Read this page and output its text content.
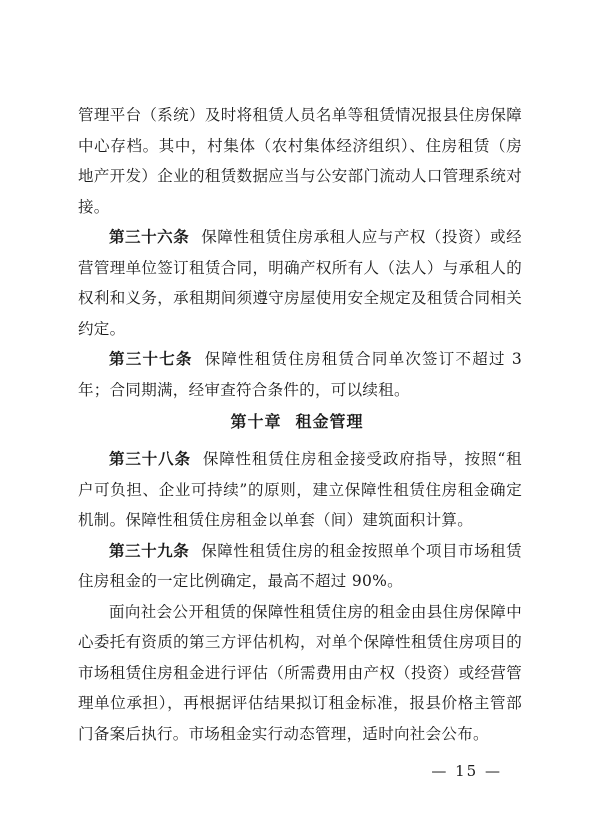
管理平台（系统）及时将租赁人员名单等租赁情况报县住房保障中心存档。其中，村集体（农村集体经济组织）、住房租赁（房地产开发）企业的租赁数据应当与公安部门流动人口管理系统对接。

第三十六条 保障性租赁住房承租人应与产权（投资）或经营管理单位签订租赁合同，明确产权所有人（法人）与承租人的权利和义务，承租期间须遵守房屋使用安全规定及租赁合同相关约定。

第三十七条 保障性租赁住房租赁合同单次签订不超过 3 年；合同期满，经审查符合条件的，可以续租。

第十章 租金管理

第三十八条 保障性租赁住房租金接受政府指导，按照“租户可负担、企业可持续”的原则，建立保障性租赁住房租金确定机制。保障性租赁住房租金以单套（间）建筑面积计算。

第三十九条 保障性租赁住房的租金按照单个项目市场租赁住房租金的一定比例确定，最高不超过 90%。

面向社会公开租赁的保障性租赁住房的租金由县住房保障中心委托有资质的第三方评估机构，对单个保障性租赁住房项目的市场租赁住房租金进行评估（所需费用由产权（投资）或经营管理单位承担），再根据评估结果拟订租金标准，报县价格主管部门备案后执行。市场租金实行动态管理，适时向社会公布。

— 15 —
